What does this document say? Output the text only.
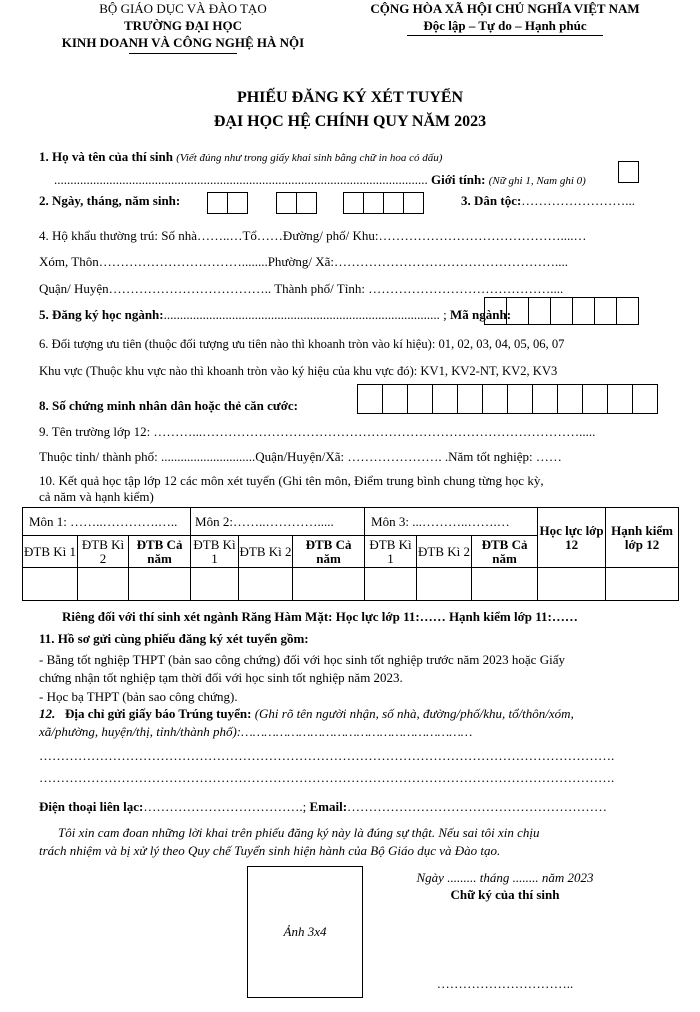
BỘ GIÁO DỤC VÀ ĐÀO TẠO
TRƯỜNG ĐẠI HỌC
KINH DOANH VÀ CÔNG NGHỆ HÀ NỘI
CỘNG HÒA XÃ HỘI CHỦ NGHĨA VIỆT NAM
Độc lập – Tự do – Hạnh phúc
PHIẾU ĐĂNG KÝ XÉT TUYỂN
ĐẠI HỌC HỆ CHÍNH QUY NĂM 2023
1. Họ và tên của thí sinh (Viết đúng như trong giấy khai sinh bằng chữ in hoa có dấu)
................................................................................................................... Giới tính: (Nữ ghi 1, Nam ghi 0)
2. Ngày, tháng, năm sinh:	3. Dân tộc:……………………...
4. Hộ khẩu thường trú: Số nhà……..…Tổ……Đường/ phố/ Khu:……………………………………....…
Xóm, Thôn……………………………........Phường/ Xã:……………………………………………....
Quận/ Huyện……………………………….. Thành phố/ Tỉnh: ……………………………………....
5. Đăng ký học ngành:..................................................................................... ; Mã ngành:
6. Đối tượng ưu tiên (thuộc đối tượng ưu tiên nào thì khoanh tròn vào kí hiệu): 01, 02, 03, 04, 05, 06, 07
Khu vực (Thuộc khu vực nào thì khoanh tròn vào ký hiệu của khu vực đó): KV1, KV2-NT, KV2, KV3
8. Số chứng minh nhân dân hoặc thẻ căn cước:
9. Tên trường lớp 12: ………...…………………………………………………………………………….....
Thuộc tỉnh/ thành phố: .............................Quận/Huyện/Xã: …………………. .Năm tốt nghiệp: ……
10. Kết quả học tập lớp 12 các môn xét tuyển (Ghi tên môn, Điểm trung bình chung từng học kỳ,
cả năm và hạnh kiểm)
Môn 1: ……..………….…..			Môn 2:……..………….....			Môn 3: ...………..…….…			Học lực lớp 12	Hạnh kiểm lớp 12
ĐTB Kì 1	ĐTB Kì 2	ĐTB Cả năm	ĐTB Kì 1	ĐTB Kì 2	ĐTB Cả năm	ĐTB Kì 1	ĐTB Kì 2	ĐTB Cả năm		

Riêng đối với thí sinh xét ngành Răng Hàm Mặt: Học lực lớp 11:…… Hạnh kiểm lớp 11:……
11. Hồ sơ gửi cùng phiếu đăng ký xét tuyển gồm:
- Bằng tốt nghiệp THPT (bản sao công chứng) đối với học sinh tốt nghiệp trước năm 2023 hoặc Giấy
chứng nhận tốt nghiệp tạm thời đối với học sinh tốt nghiệp năm 2023.
- Học bạ THPT (bản sao công chứng).
12. Địa chỉ gửi giấy báo Trúng tuyển: (Ghi rõ tên người nhận, số nhà, đường/phố/khu, tổ/thôn/xóm,
xã/phường, huyện/thị, tỉnh/thành phố):……………………………………………………
…………………………………………………………………………………………………………………….
…………………………………………………………………………………………………………………….
Điện thoại liên lạc:……………………………….; Email:……………………………………………………
Tôi xin cam đoan những lời khai trên phiếu đăng ký này là đúng sự thật. Nếu sai tôi xin chịu
trách nhiệm và bị xử lý theo Quy chế Tuyển sinh hiện hành của Bộ Giáo dục và Đào tạo.
Ảnh 3x4
Ngày ......... tháng ........ năm 2023
Chữ ký của thí sinh
…………………………..
